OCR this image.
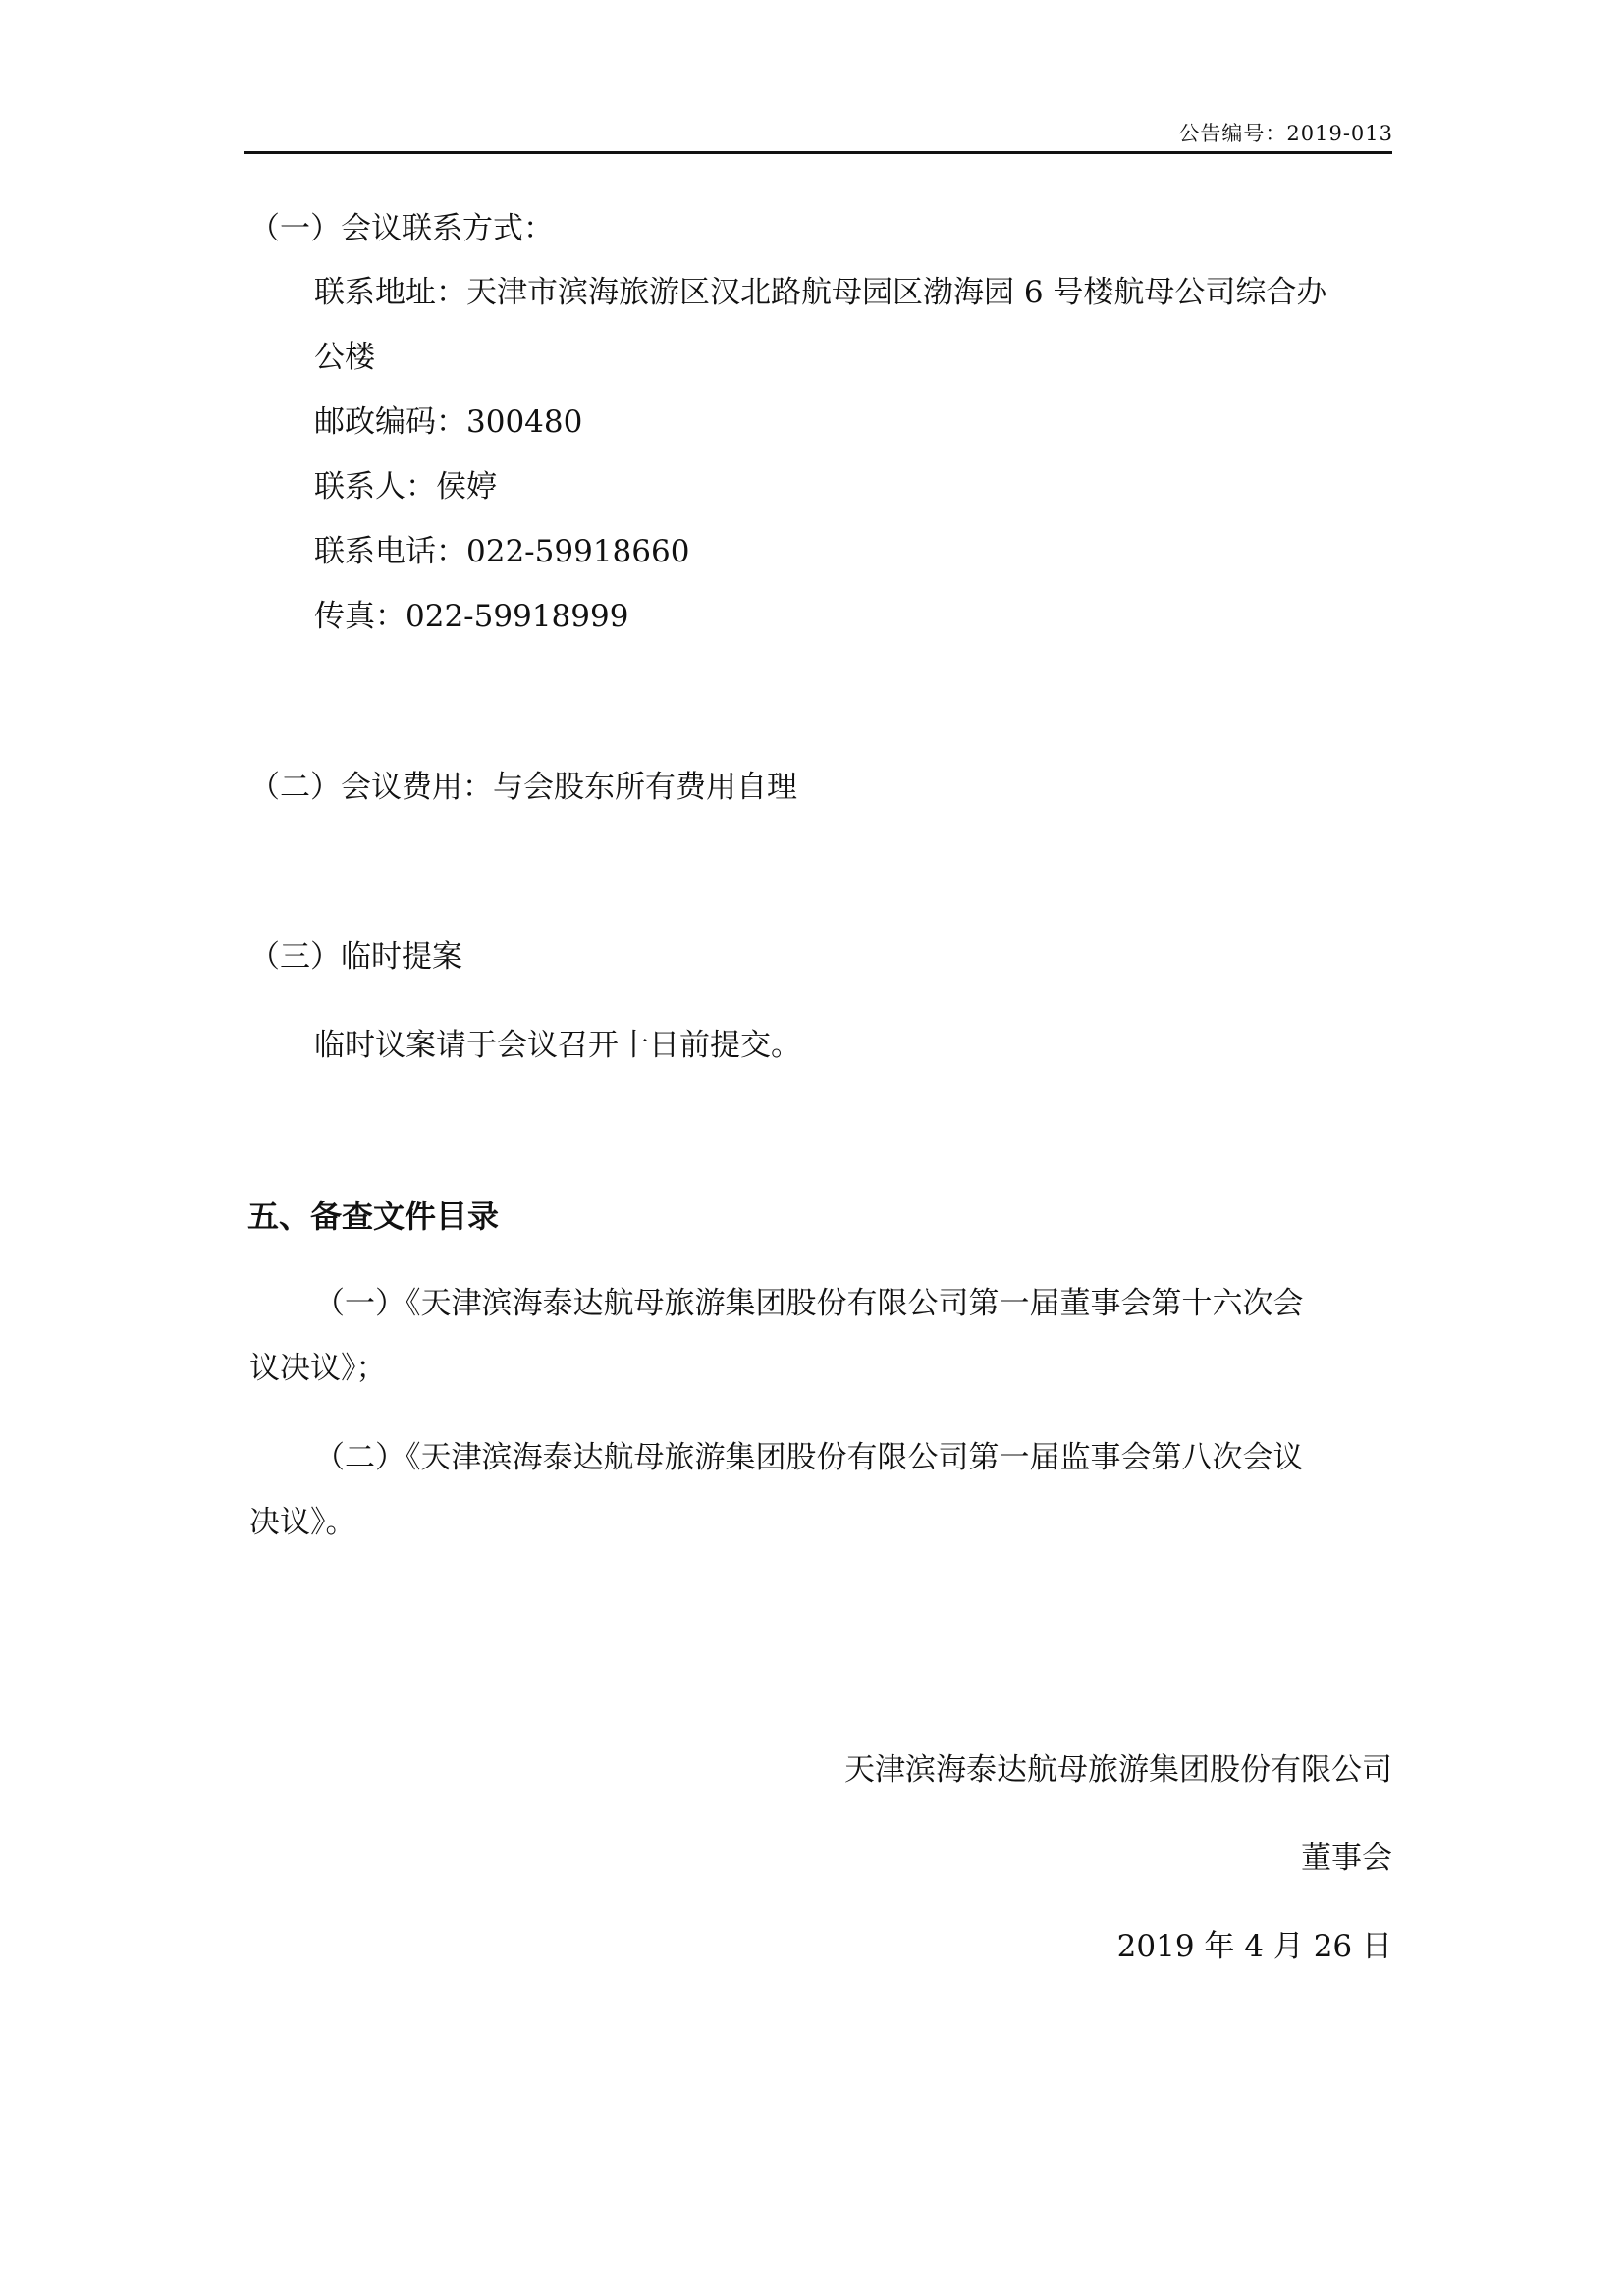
公告编号：2019-013
（一）会议联系方式：
联系地址：天津市滨海旅游区汉北路航母园区渤海园 6 号楼航母公司综合办
公楼
邮政编码：300480
联系人：侯婷
联系电话：022-59918660
传真：022-59918999
（二）会议费用：与会股东所有费用自理
（三）临时提案
临时议案请于会议召开十日前提交。
五、备查文件目录
（一）《天津滨海泰达航母旅游集团股份有限公司第一届董事会第十六次会
议决议》；
（二）《天津滨海泰达航母旅游集团股份有限公司第一届监事会第八次会议
决议》。
天津滨海泰达航母旅游集团股份有限公司
董事会
2019 年 4 月 26 日
